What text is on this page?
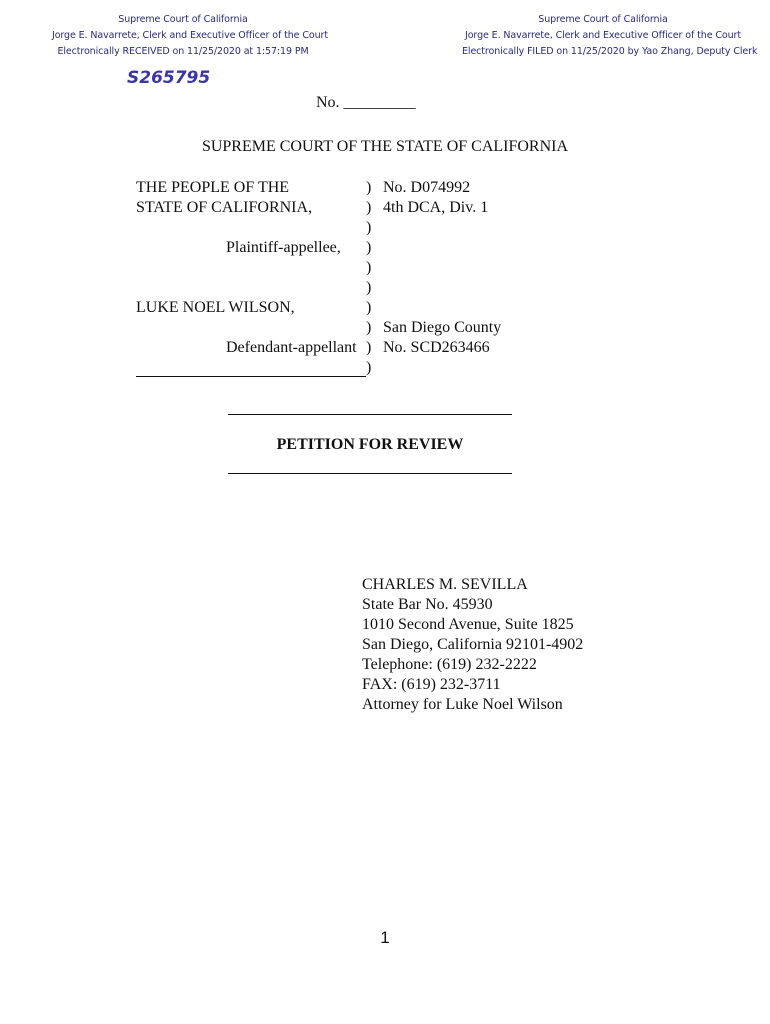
Supreme Court of California
Jorge E. Navarrete, Clerk and Executive Officer of the Court
Electronically RECEIVED on 11/25/2020 at 1:57:19 PM
Supreme Court of California
Jorge E. Navarrete, Clerk and Executive Officer of the Court
Electronically FILED on 11/25/2020 by Yao Zhang, Deputy Clerk
S265795
No. _________
SUPREME COURT OF THE STATE OF CALIFORNIA
THE PEOPLE OF THE
STATE OF CALIFORNIA,
Plaintiff-appellee,
LUKE NOEL WILSON,
Defendant-appellant
)
)
)
)
)
)
)
)
)
)
No. D074992
4th DCA, Div. 1
San Diego County
No. SCD263466
PETITION FOR REVIEW
CHARLES M. SEVILLA
State Bar No. 45930
1010 Second Avenue, Suite 1825
San Diego, California 92101-4902
Telephone: (619) 232-2222
FAX: (619) 232-3711
Attorney for Luke Noel Wilson
1
